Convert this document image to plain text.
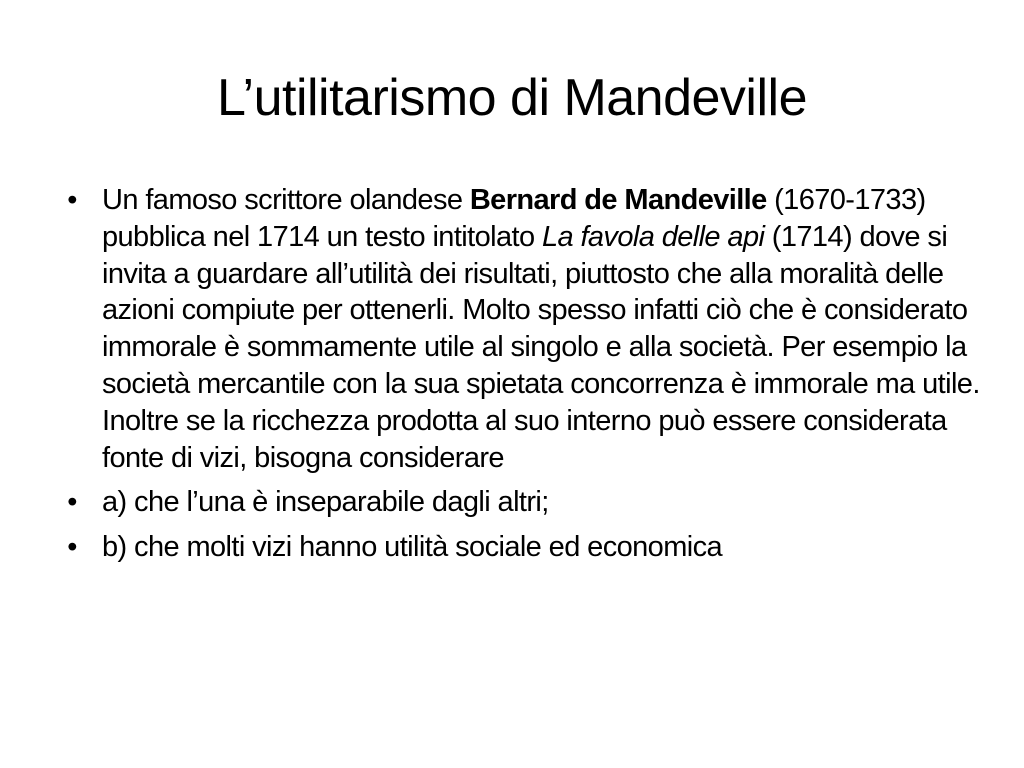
L’utilitarismo di Mandeville
• Un famoso scrittore olandese Bernard de Mandeville (1670-1733) pubblica nel 1714 un testo intitolato La favola delle api (1714) dove si invita a guardare all’utilità dei risultati, piuttosto che alla moralità delle azioni compiute per ottenerli. Molto spesso infatti ciò che è considerato immorale è sommamente utile al singolo e alla società. Per esempio la società mercantile con la sua spietata concorrenza è immorale ma utile. Inoltre se la ricchezza prodotta al suo interno può essere considerata fonte di vizi, bisogna considerare
• a) che l’una è inseparabile dagli altri;
• b) che molti vizi hanno utilità sociale ed economica
